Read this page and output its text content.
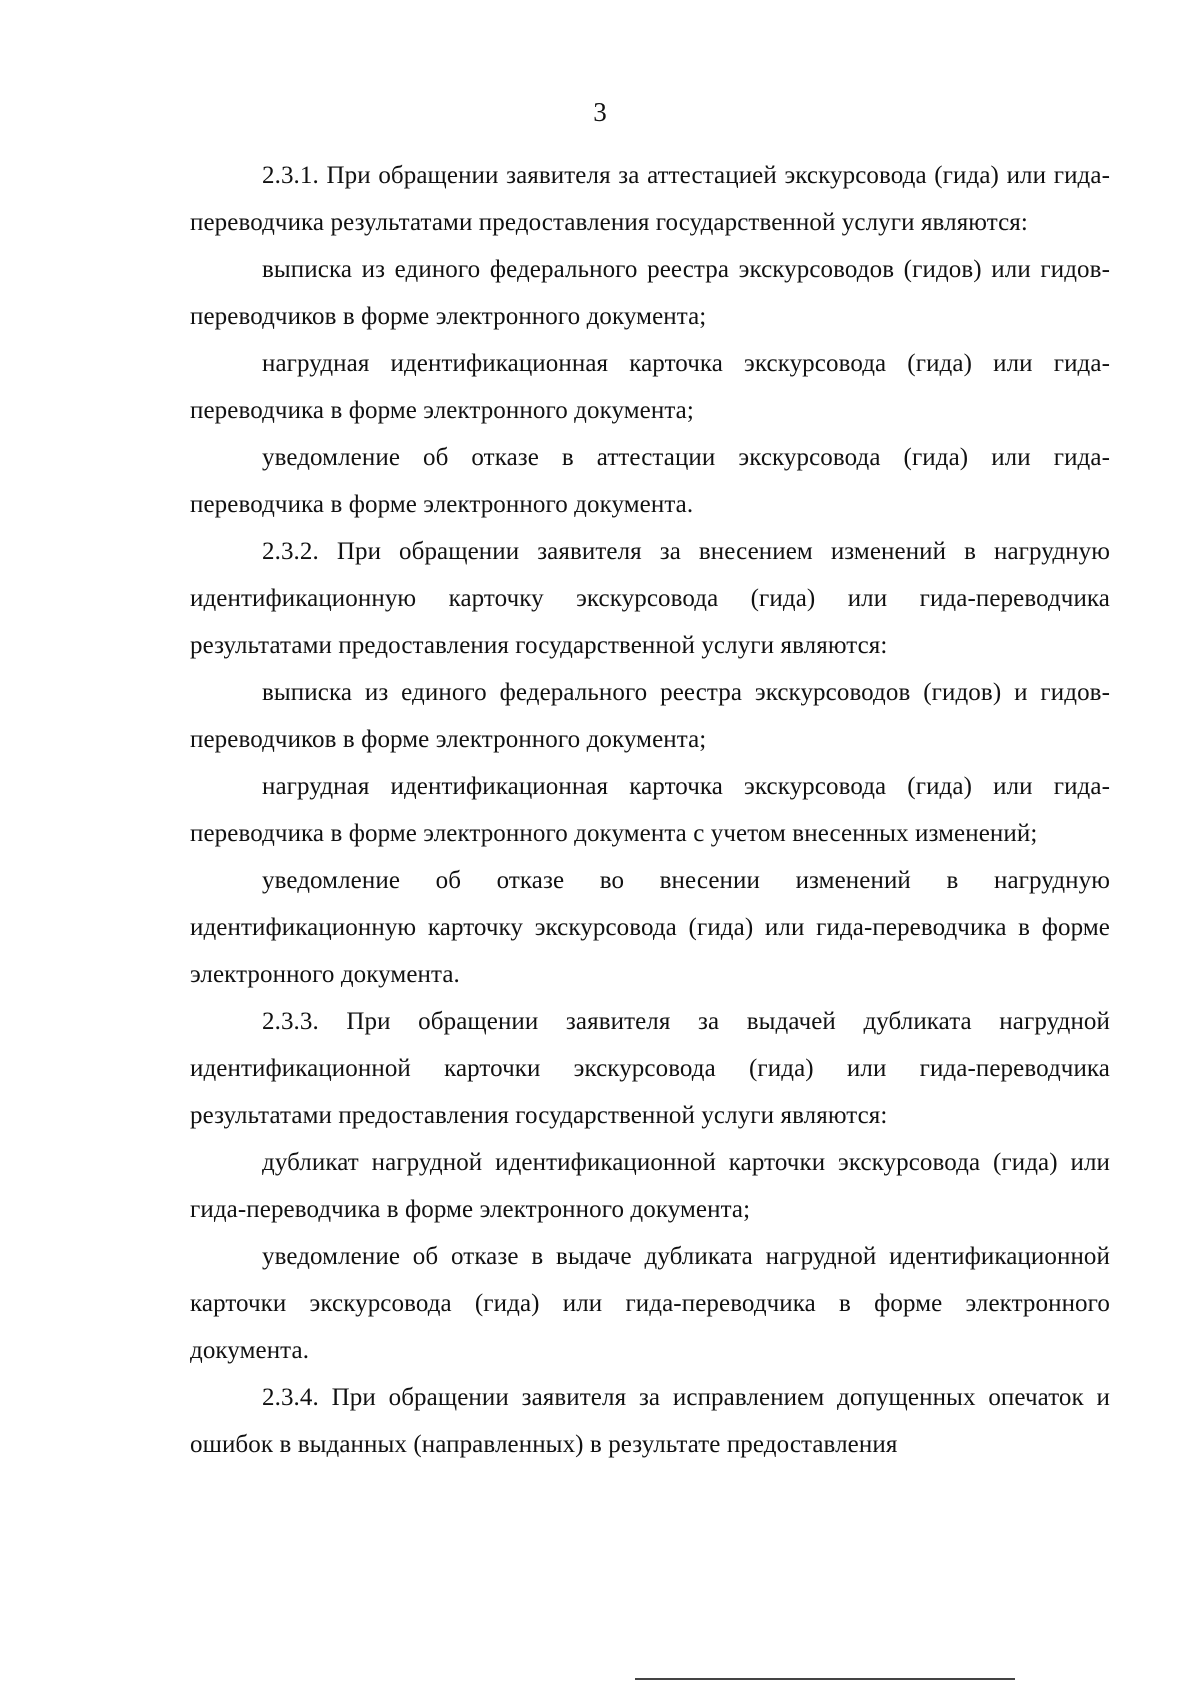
3

2.3.1. При обращении заявителя за аттестацией экскурсовода (гида) или гида-переводчика результатами предоставления государственной услуги являются:

выписка из единого федерального реестра экскурсоводов (гидов) или гидов-переводчиков в форме электронного документа;

нагрудная идентификационная карточка экскурсовода (гида) или гида-переводчика в форме электронного документа;

уведомление об отказе в аттестации экскурсовода (гида) или гида-переводчика в форме электронного документа.

2.3.2. При обращении заявителя за внесением изменений в нагрудную идентификационную карточку экскурсовода (гида) или гида-переводчика результатами предоставления государственной услуги являются:

выписка из единого федерального реестра экскурсоводов (гидов) и гидов-переводчиков в форме электронного документа;

нагрудная идентификационная карточка экскурсовода (гида) или гида-переводчика в форме электронного документа с учетом внесенных изменений;

уведомление об отказе во внесении изменений в нагрудную идентификационную карточку экскурсовода (гида) или гида-переводчика в форме электронного документа.

2.3.3. При обращении заявителя за выдачей дубликата нагрудной идентификационной карточки экскурсовода (гида) или гида-переводчика результатами предоставления государственной услуги являются:

дубликат нагрудной идентификационной карточки экскурсовода (гида) или гида-переводчика в форме электронного документа;

уведомление об отказе в выдаче дубликата нагрудной идентификационной карточки экскурсовода (гида) или гида-переводчика в форме электронного документа.

2.3.4. При обращении заявителя за исправлением допущенных опечаток и ошибок в выданных (направленных) в результате предоставления
